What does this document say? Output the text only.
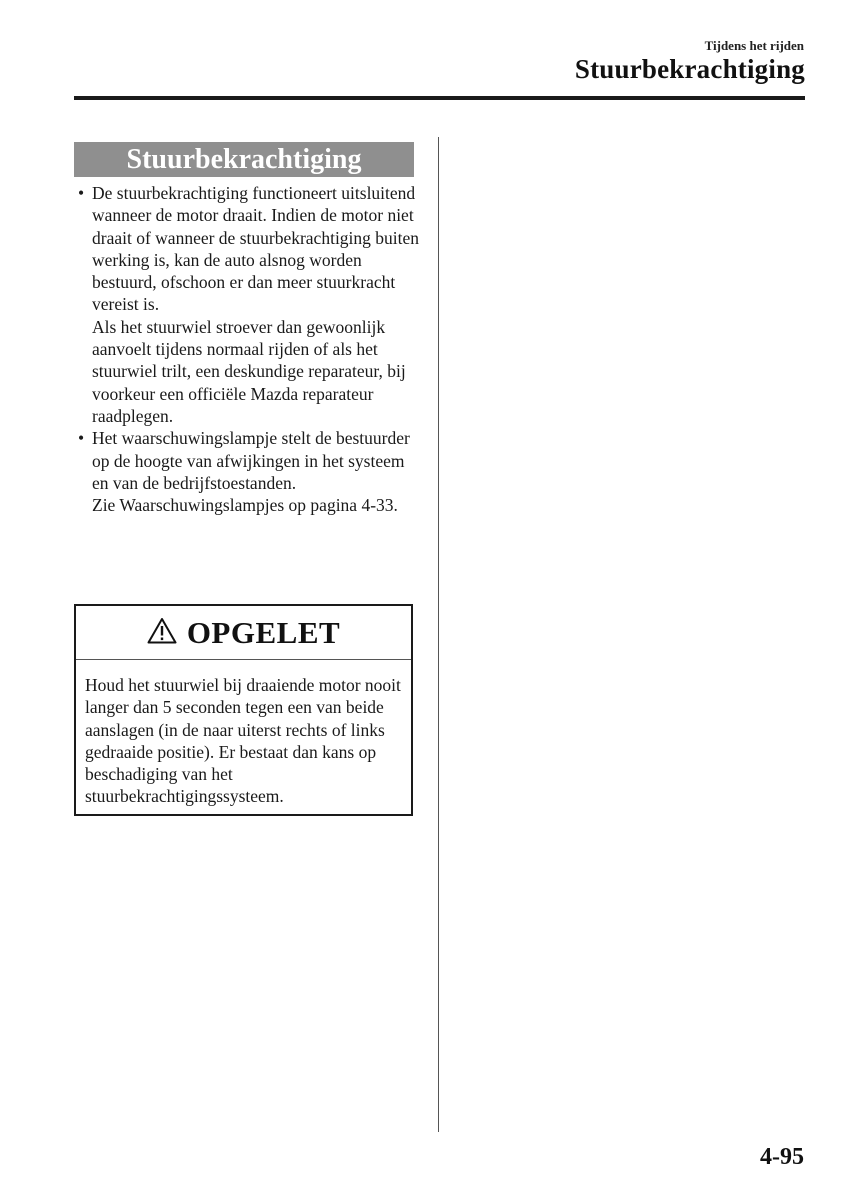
Tijdens het rijden
Stuurbekrachtiging
Stuurbekrachtiging
• De stuurbekrachtiging functioneert uitsluitend wanneer de motor draait. Indien de motor niet draait of wanneer de stuurbekrachtiging buiten werking is, kan de auto alsnog worden bestuurd, ofschoon er dan meer stuurkracht vereist is.

Als het stuurwiel stroever dan gewoonlijk aanvoelt tijdens normaal rijden of als het stuurwiel trilt, een deskundige reparateur, bij voorkeur een officiële Mazda reparateur raadplegen.

• Het waarschuwingslampje stelt de bestuurder op de hoogte van afwijkingen in het systeem en van de bedrijfstoestanden.

Zie Waarschuwingslampjes op pagina 4-33.

OPGELET
Houd het stuurwiel bij draaiende motor nooit langer dan 5 seconden tegen een van beide aanslagen (in de naar uiterst rechts of links gedraaide positie). Er bestaat dan kans op beschadiging van het stuurbekrachtigingssysteem.
4-95
